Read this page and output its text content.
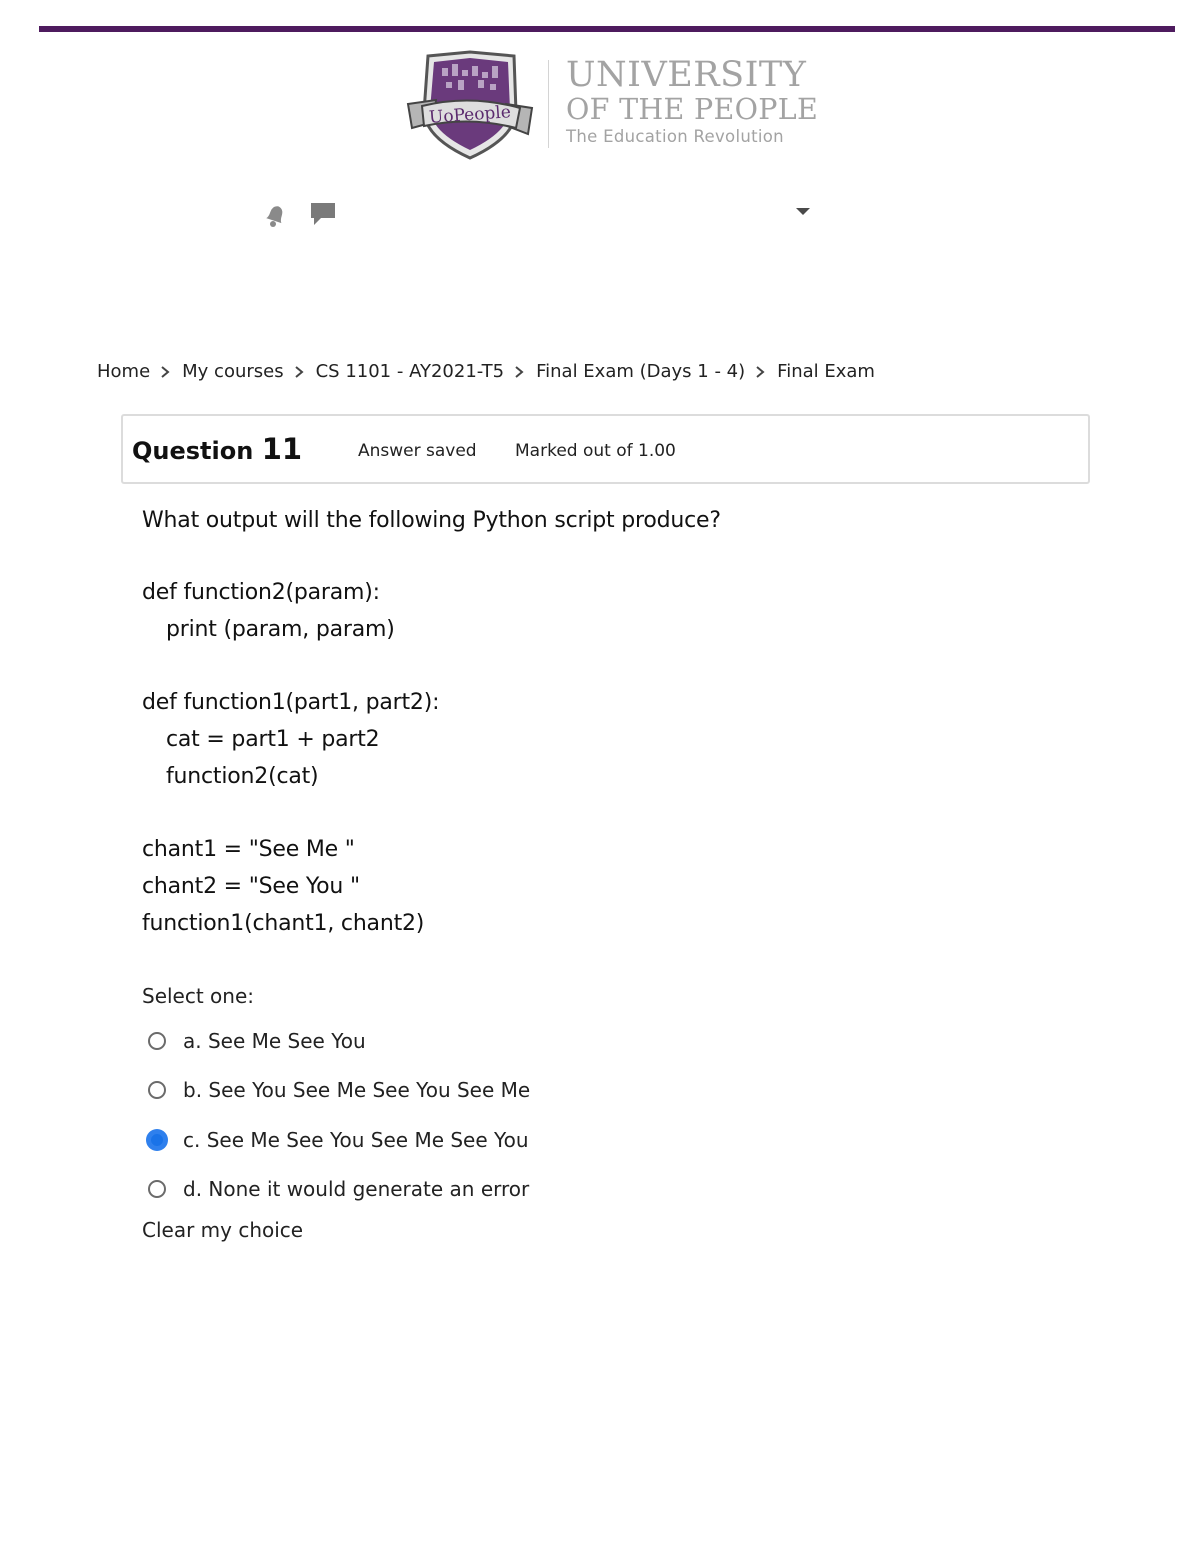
UoPeople
UNIVERSITY
OF THE PEOPLE
The Education Revolution
Home My courses CS 1101 - AY2021-T5 Final Exam (Days 1 - 4) Final Exam
Question 11	Answer saved Marked out of 1.00
What output will the following Python script produce?
def function2(param):
print (param, param)
def function1(part1, part2):
cat = part1 + part2
function2(cat)
chant1 = "See Me "
chant2 = "See You "
function1(chant1, chant2)
Select one:
a. See Me See You
b. See You See Me See You See Me
c. See Me See You See Me See You
d. None it would generate an error
Clear my choice
